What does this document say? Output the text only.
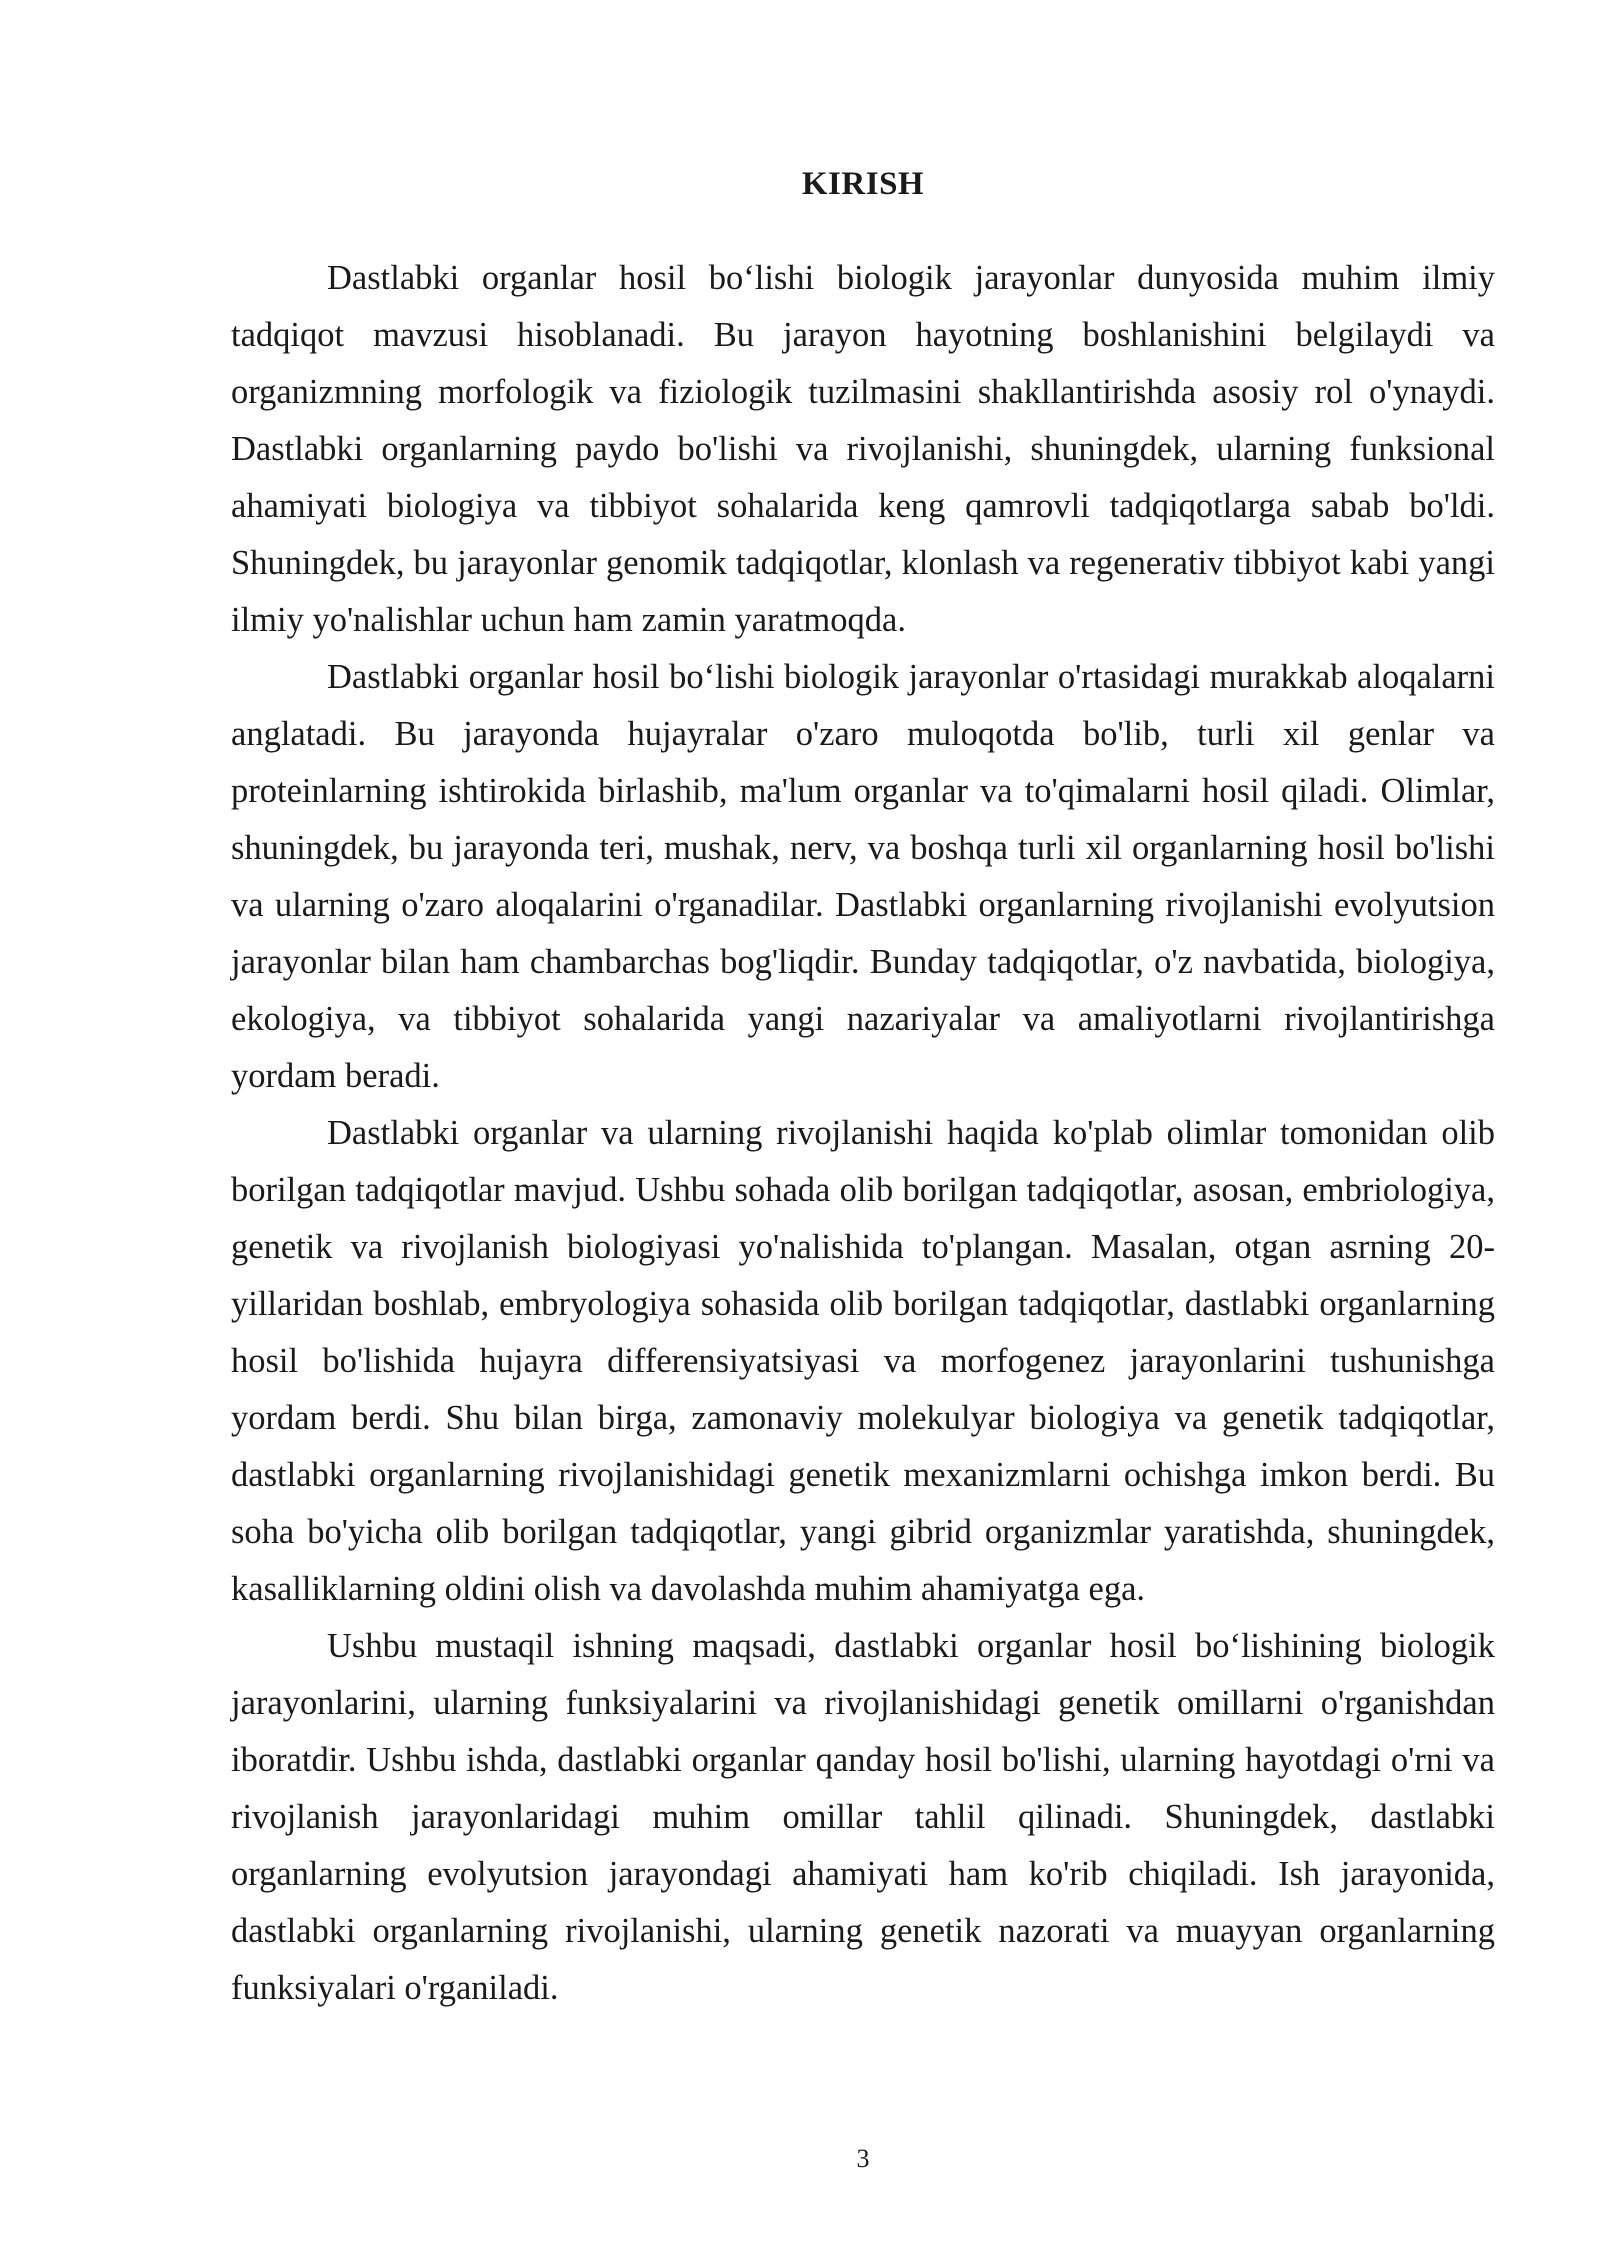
KIRISH

Dastlabki organlar hosil bo‘lishi biologik jarayonlar dunyosida muhim ilmiy tadqiqot mavzusi hisoblanadi. Bu jarayon hayotning boshlanishini belgilaydi va organizmning morfologik va fiziologik tuzilmasini shakllantirishda asosiy rol o'ynaydi. Dastlabki organlarning paydo bo'lishi va rivojlanishi, shuningdek, ularning funksional ahamiyati biologiya va tibbiyot sohalarida keng qamrovli tadqiqotlarga sabab bo'ldi. Shuningdek, bu jarayonlar genomik tadqiqotlar, klonlash va regenerativ tibbiyot kabi yangi ilmiy yo'nalishlar uchun ham zamin yaratmoqda.

Dastlabki organlar hosil bo‘lishi biologik jarayonlar o'rtasidagi murakkab aloqalarni anglatadi. Bu jarayonda hujayralar o'zaro muloqotda bo'lib, turli xil genlar va proteinlarning ishtirokida birlashib, ma'lum organlar va to'qimalarni hosil qiladi. Olimlar, shuningdek, bu jarayonda teri, mushak, nerv, va boshqa turli xil organlarning hosil bo'lishi va ularning o'zaro aloqalarini o'rganadilar. Dastlabki organlarning rivojlanishi evolyutsion jarayonlar bilan ham chambarchas bog'liqdir. Bunday tadqiqotlar, o'z navbatida, biologiya, ekologiya, va tibbiyot sohalarida yangi nazariyalar va amaliyotlarni rivojlantirishga yordam beradi.

Dastlabki organlar va ularning rivojlanishi haqida ko'plab olimlar tomonidan olib borilgan tadqiqotlar mavjud. Ushbu sohada olib borilgan tadqiqotlar, asosan, embriologiya, genetik va rivojlanish biologiyasi yo'nalishida to'plangan. Masalan, otgan asrning 20-yillaridan boshlab, embryologiya sohasida olib borilgan tadqiqotlar, dastlabki organlarning hosil bo'lishida hujayra differensiyatsiyasi va morfogenez jarayonlarini tushunishga yordam berdi. Shu bilan birga, zamonaviy molekulyar biologiya va genetik tadqiqotlar, dastlabki organlarning rivojlanishidagi genetik mexanizmlarni ochishga imkon berdi. Bu soha bo'yicha olib borilgan tadqiqotlar, yangi gibrid organizmlar yaratishda, shuningdek, kasalliklarning oldini olish va davolashda muhim ahamiyatga ega.

Ushbu mustaqil ishning maqsadi, dastlabki organlar hosil bo‘lishining biologik jarayonlarini, ularning funksiyalarini va rivojlanishidagi genetik omillarni o'rganishdan iboratdir. Ushbu ishda, dastlabki organlar qanday hosil bo'lishi, ularning hayotdagi o'rni va rivojlanish jarayonlaridagi muhim omillar tahlil qilinadi. Shuningdek, dastlabki organlarning evolyutsion jarayondagi ahamiyati ham ko'rib chiqiladi. Ish jarayonida, dastlabki organlarning rivojlanishi, ularning genetik nazorati va muayyan organlarning funksiyalari o'rganiladi.

3
